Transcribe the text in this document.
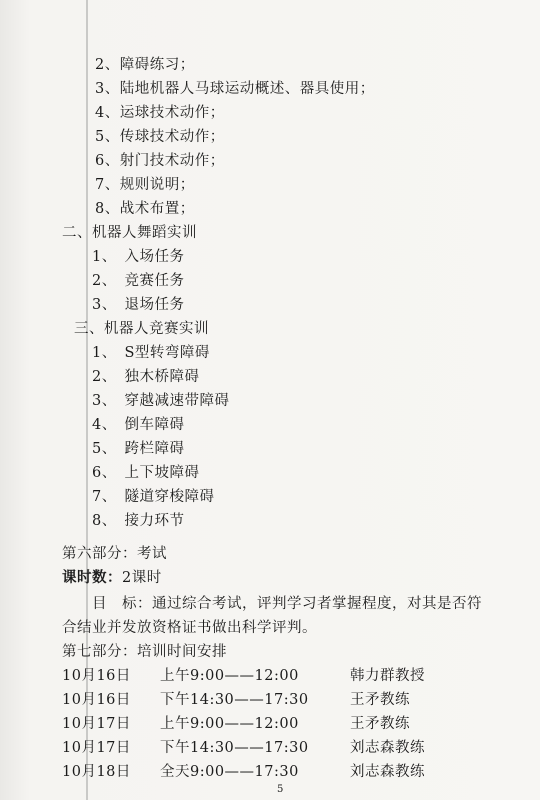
2、障碍练习；
3、陆地机器人马球运动概述、器具使用；
4、运球技术动作；
5、传球技术动作；
6、射门技术动作；
7、规则说明；
8、战术布置；
二、机器人舞蹈实训
1、　入场任务
2、　竞赛任务
3、　退场任务
三、机器人竞赛实训
1、　S型转弯障碍
2、　独木桥障碍
3、　穿越减速带障碍
4、　倒车障碍
5、　跨栏障碍
6、　上下坡障碍
7、　隧道穿梭障碍
8、　接力环节
第六部分：考试
课时数：2课时
目　标：通过综合考试，评判学习者掌握程度，对其是否符
合结业并发放资格证书做出科学评判。
第七部分：培训时间安排
10月16日 上午9:00——12:00	韩力群教授
10月16日 下午14:30——17:30	王矛教练
10月17日 上午9:00——12:00	王矛教练
10月17日 下午14:30——17:30	刘志森教练
10月18日 全天9:00——17:30	刘志森教练
5
